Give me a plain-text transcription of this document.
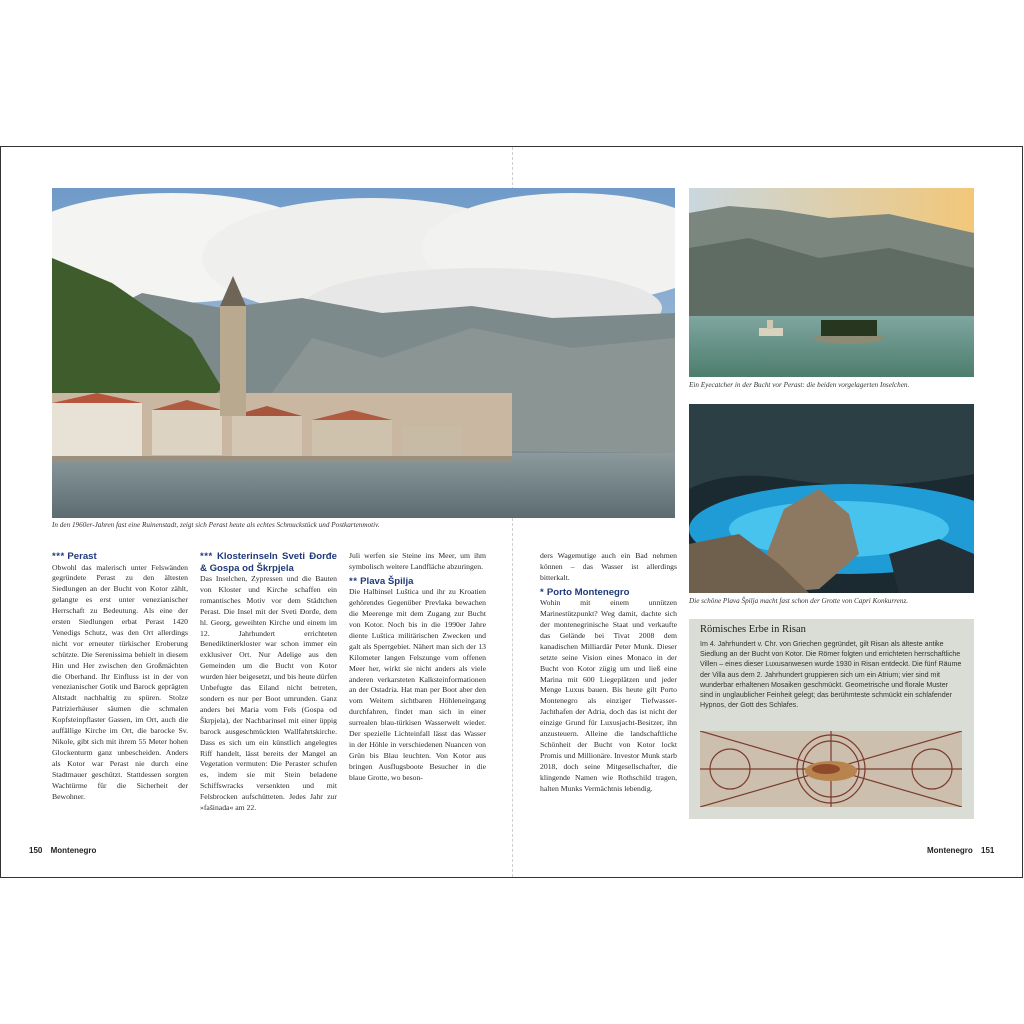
In den 1960er-Jahren fast eine Ruinenstadt, zeigt sich Perast heute als echtes Schmuckstück und Postkartenmotiv.
Ein Eyecatcher in der Bucht vor Perast: die beiden vorgelagerten Inselchen.
Die schöne Plava Špilja macht fast schon der Grotte von Capri Konkurrenz.

*** Perast

Obwohl das malerisch unter Felswänden gegründete Perast zu den ältesten Siedlungen an der Bucht von Kotor zählt, gelangte es erst unter venezianischer Herrschaft zu Bedeutung. Als eine der ersten Siedlungen erbat Perast 1420 Venedigs Schutz, was den Ort allerdings nicht vor erneuter türkischer Eroberung schützte. Die Serenissima behielt in diesem Hin und Her zwischen den Großmächten die Oberhand. Ihr Einfluss ist in der von venezianischer Gotik und Barock geprägten Altstadt nachhaltig zu spüren. Stolze Patrizierhäuser säumen die schmalen Kopfsteinpflaster Gassen, im Ort, auch die auffällige Kirche im Ort, die barocke Sv. Nikole, gibt sich mit ihrem 55 Meter hohen Glockenturm ganz unbescheiden. Anders als Kotor war Perast nie durch eine Stadtmauer geschützt. Stattdessen sorgten Wachtürme für die Sicherheit der Bewohner.

*** Klosterinseln Sveti Đorđe & Gospa od Škrpjela

Das Inselchen, Zypressen und die Bauten von Kloster und Kirche schaffen ein romantisches Motiv vor dem Städtchen Perast. Die Insel mit der Sveti Đorđe, dem hl. Georg, geweihten Kirche und einem im 12. Jahrhundert errichteten Benediktinerkloster war schon immer ein exklusiver Ort. Nur Adelige aus den Gemeinden um die Bucht von Kotor wurden hier beigesetzt, und bis heute dürfen Unbefugte das Eiland nicht betreten, sondern es nur per Boot umrunden. Ganz anders bei Maria vom Fels (Gospa od Škrpjela), der Nachbarinsel mit einer üppig barock ausgeschmückten Wallfahrtskirche. Dass es sich um ein künstlich angelegtes Riff handelt, lässt bereits der Mangel an Vegetation vermuten: Die Peraster schufen es, indem sie mit Stein beladene Schiffswracks versenkten und mit Felsbrocken aufschütteten. Jedes Jahr zur »fašinada« am 22.

Juli werfen sie Steine ins Meer, um ihm symbolisch weitere Landfläche abzuringen.

** Plava Špilja

Die Halbinsel Luštica und ihr zu Kroatien gehörendes Gegenüber Prevlaka bewachen die Meerenge mit dem Zugang zur Bucht von Kotor. Noch bis in die 1990er Jahre diente Luštica militärischen Zwecken und galt als Sperrgebiet. Nähert man sich der 13 Kilometer langen Felszunge vom offenen Meer her, wirkt sie nicht anders als viele anderen verkarsteten Kalksteinformationen an der Ostadria. Hat man per Boot aber den vom Weitem sichtbaren Höhleneingang durchfahren, findet man sich in einer surrealen blau-türkisen Wasserwelt wieder. Der spezielle Lichteinfall lässt das Wasser in der Höhle in verschiedenen Nuancen von Grün bis Blau leuchten. Von Kotor aus bringen Ausflugsboote Besucher in die blaue Grotte, wo beson-

ders Wagemutige auch ein Bad nehmen können – das Wasser ist allerdings bitterkalt.

* Porto Montenegro

Wohin mit einem unnützen Marinestützpunkt? Weg damit, dachte sich der montenegrinische Staat und verkaufte das Gelände bei Tivat 2008 dem kanadischen Milliardär Peter Munk. Dieser setzte seine Vision eines Monaco in der Bucht von Kotor zügig um und ließ eine Marina mit 600 Liegeplätzen und jeder Menge Luxus bauen. Bis heute gilt Porto Montenegro als einziger Tiefwasser-Jachthafen der Adria, doch das ist nicht der einzige Grund für Luxusjacht-Besitzer, ihn anzusteuern. Alleine die landschaftliche Schönheit der Bucht von Kotor lockt Promis und Millionäre. Investor Munk starb 2018, doch seine Mitgesellschafter, die klingende Namen wie Rothschild tragen, halten Munks Vermächtnis lebendig.

Römisches Erbe in Risan
Im 4. Jahrhundert v. Chr. von Griechen gegründet, gilt Risan als älteste antike Siedlung an der Bucht von Kotor. Die Römer folgten und errichteten herrschaftliche Villen – eines dieser Luxusanwesen wurde 1930 in Risan entdeckt. Die fünf Räume der Villa aus dem 2. Jahrhundert gruppieren sich um ein Atrium; vier sind mit wunderbar erhaltenen Mosaiken geschmückt. Geometrische und florale Muster sind in unglaublicher Feinheit gelegt; das berühmteste schmückt ein schlafender Hypnos, der Gott des Schlafes.
150 Montenegro	Montenegro 151
